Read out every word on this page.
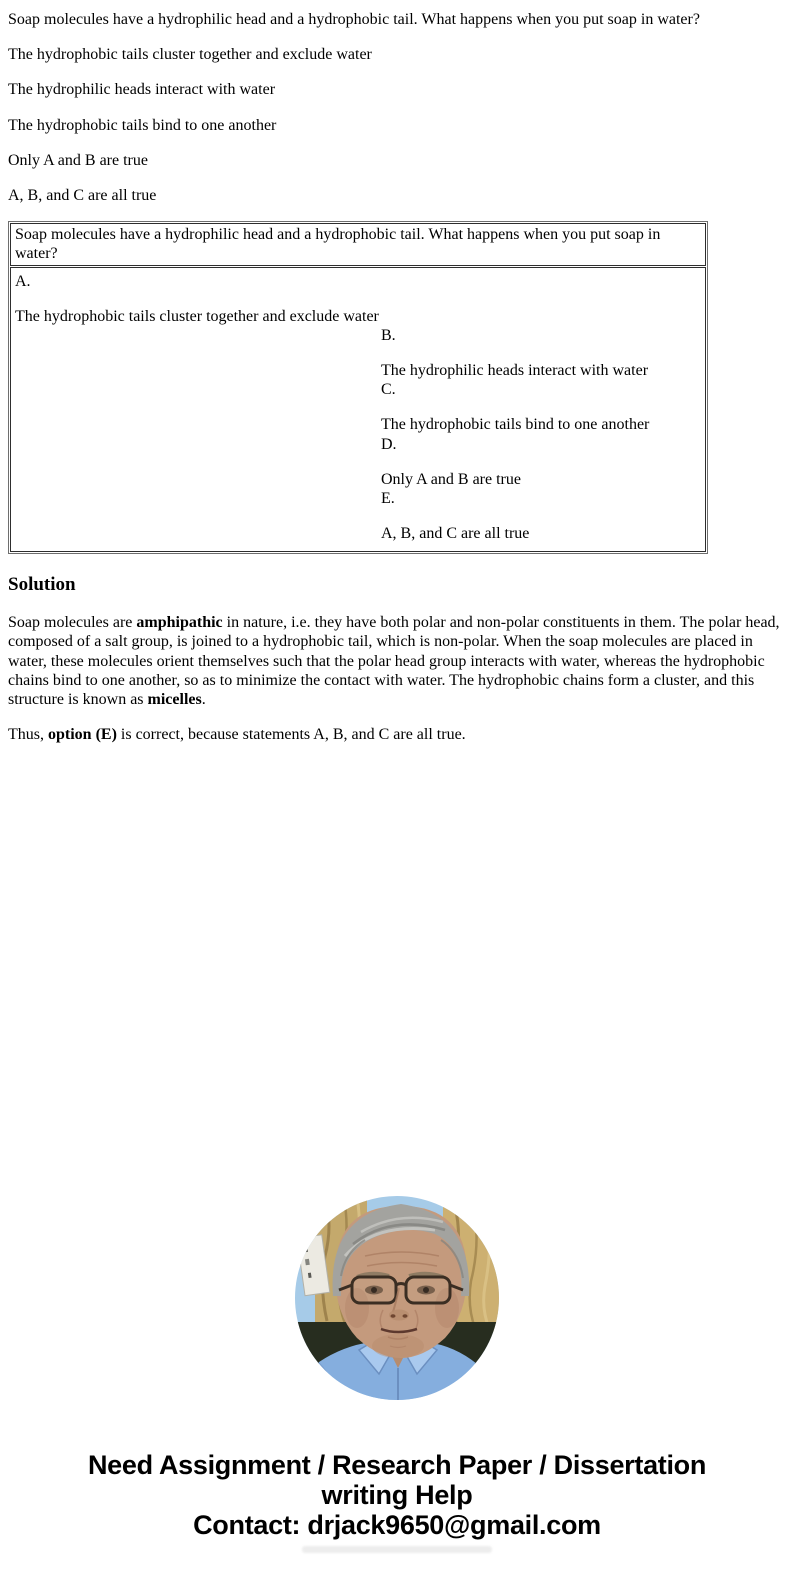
Soap molecules have a hydrophilic head and a hydrophobic tail. What happens when you put soap in water?

The hydrophobic tails cluster together and exclude water

The hydrophilic heads interact with water

The hydrophobic tails bind to one another

Only A and B are true

A, B, and C are all true

Soap molecules have a hydrophilic head and a hydrophobic tail. What happens when you put soap in water?

A.
The hydrophobic tails cluster together and exclude water
B.
The hydrophilic heads interact with water
C.
The hydrophobic tails bind to one another
D.
Only A and B are true
E.
A, B, and C are all true
Solution

Soap molecules are amphipathic in nature, i.e. they have both polar and non-polar constituents in them. The polar head, composed of a salt group, is joined to a hydrophobic tail, which is non-polar. When the soap molecules are placed in water, these molecules orient themselves such that the polar head group interacts with water, whereas the hydrophobic chains bind to one another, so as to minimize the contact with water. The hydrophobic chains form a cluster, and this structure is known as micelles.

Thus, option (E) is correct, because statements A, B, and C are all true.

Need Assignment / Research Paper / Dissertation
writing Help
Contact: drjack9650@gmail.com
